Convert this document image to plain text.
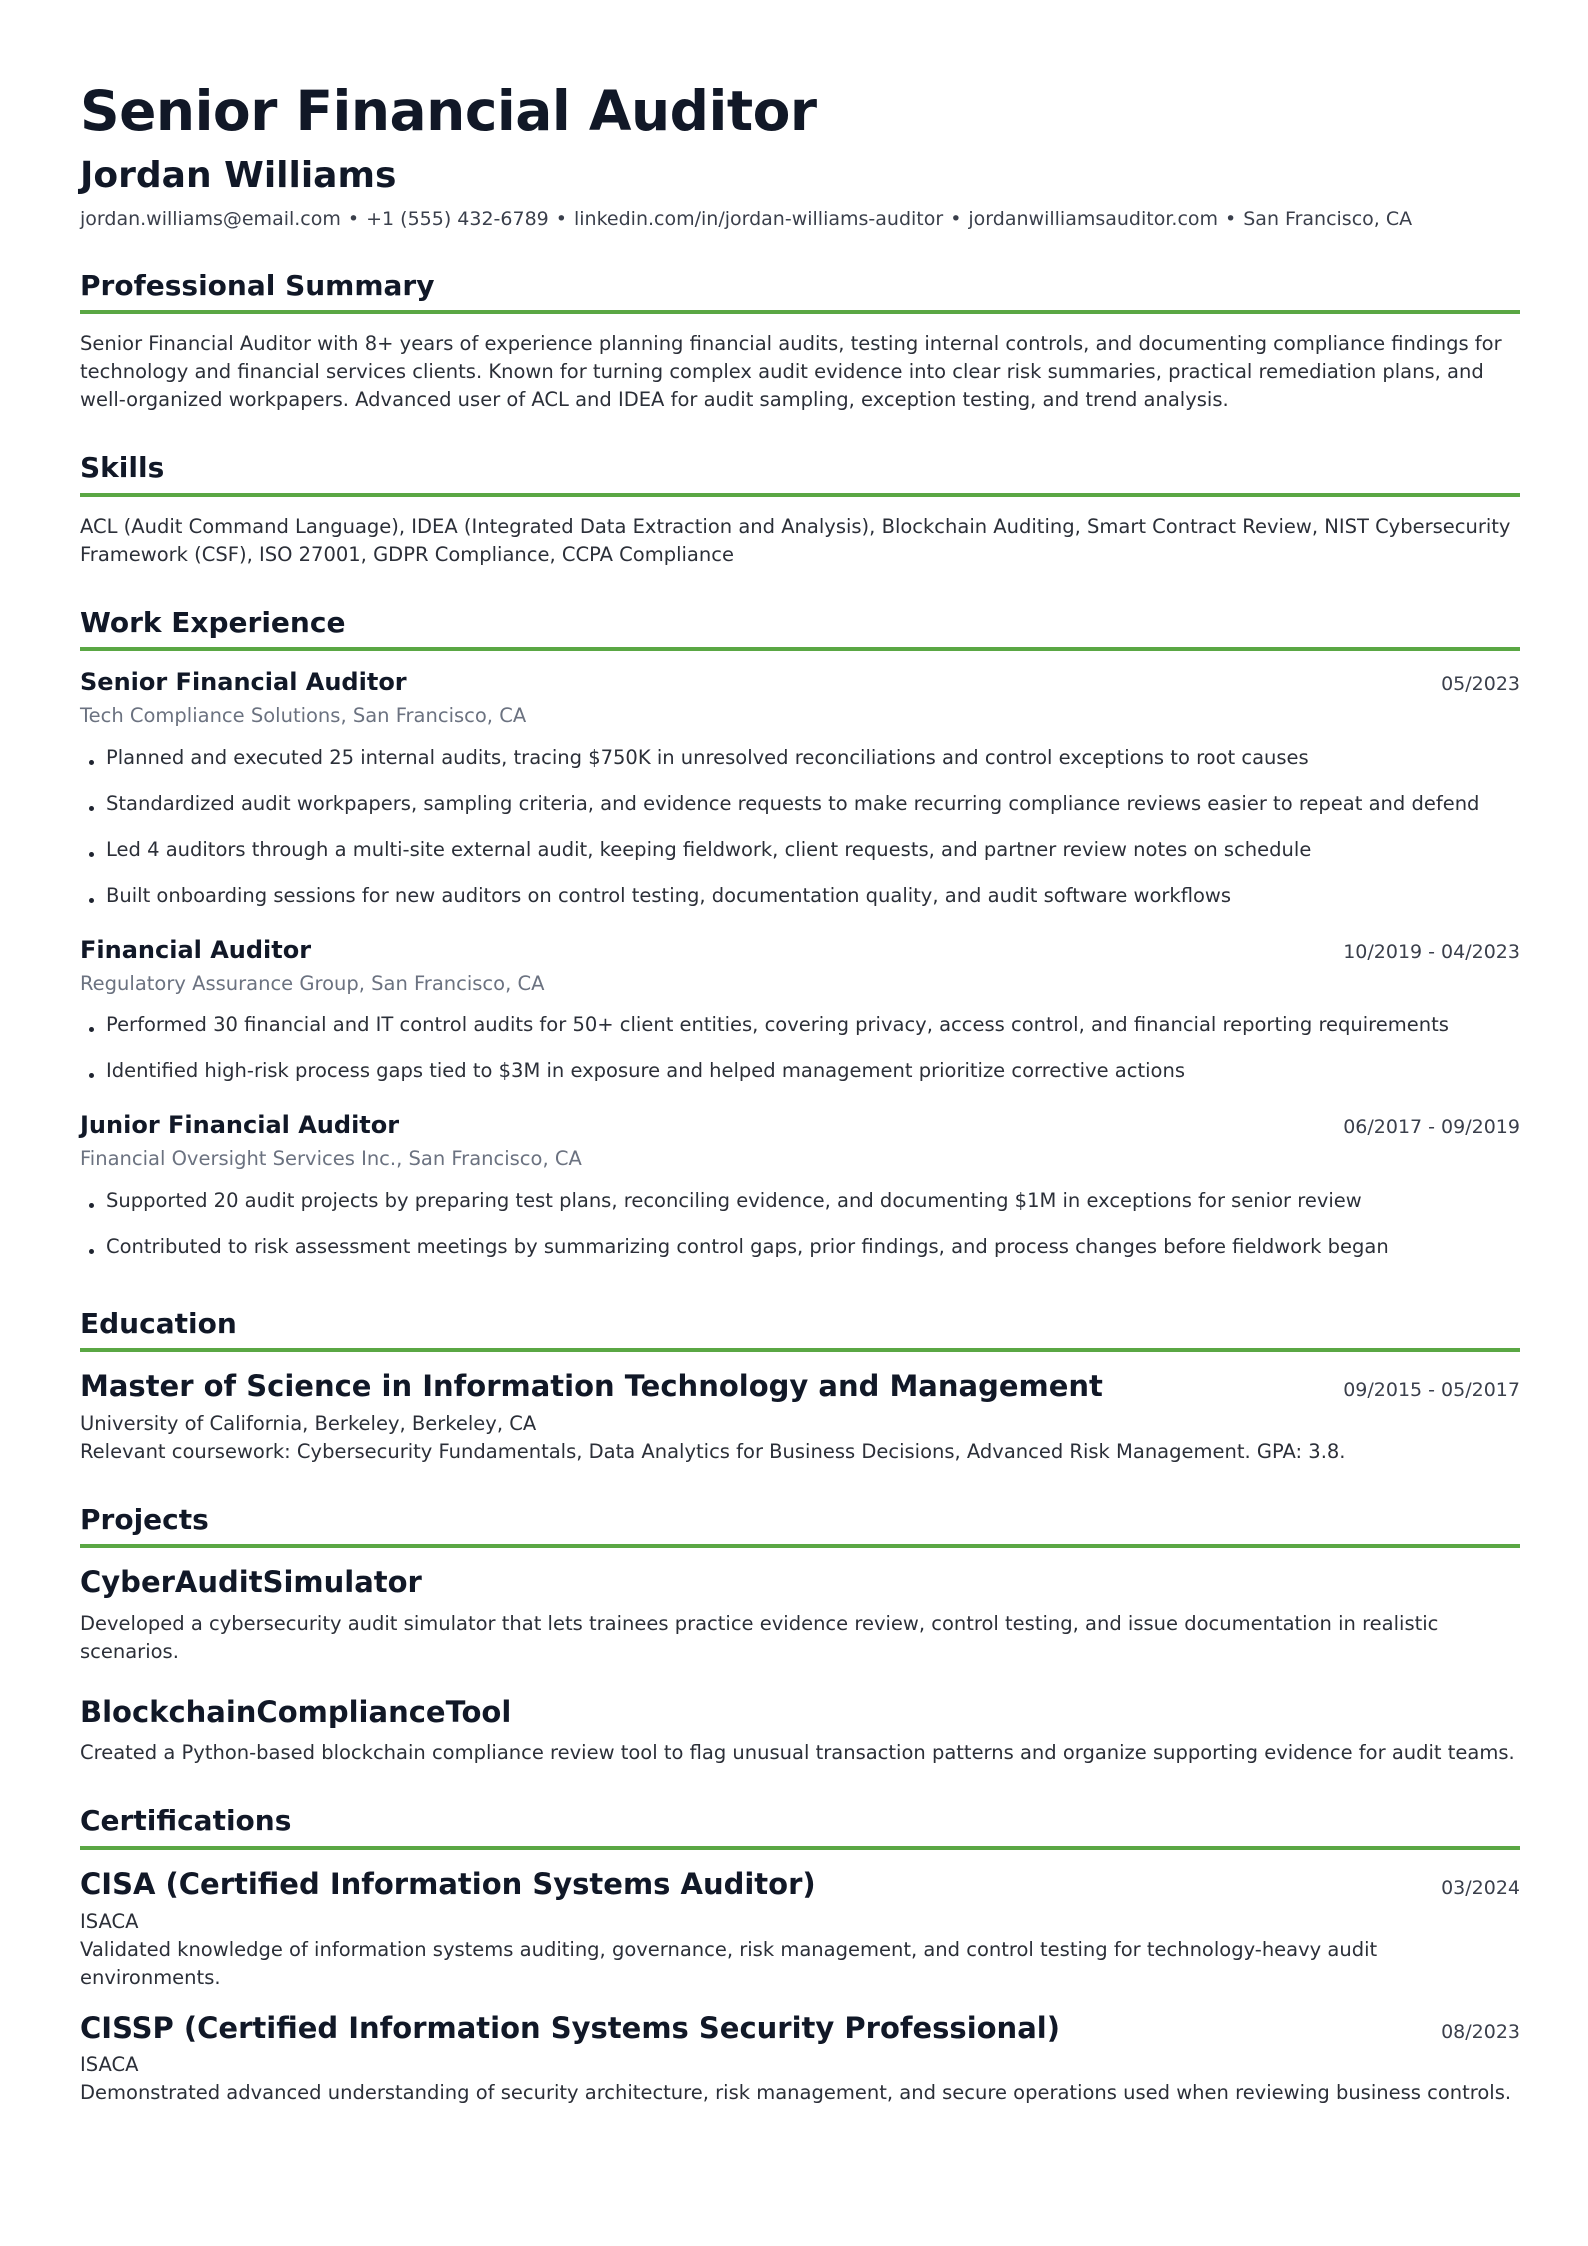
Senior Financial Auditor
Jordan Williams
jordan.williams@email.com • +1 (555) 432-6789 • linkedin.com/in/jordan-williams-auditor • jordanwilliamsauditor.com • San Francisco, CA
Professional Summary

Senior Financial Auditor with 8+ years of experience planning financial audits, testing internal controls, and documenting compliance findings for technology and financial services clients. Known for turning complex audit evidence into clear risk summaries, practical remediation plans, and well-organized workpapers. Advanced user of ACL and IDEA for audit sampling, exception testing, and trend analysis.

Skills

ACL (Audit Command Language), IDEA (Integrated Data Extraction and Analysis), Blockchain Auditing, Smart Contract Review, NIST Cybersecurity Framework (CSF), ISO 27001, GDPR Compliance, CCPA Compliance

Work Experience
Senior Financial Auditor	05/2023
Tech Compliance Solutions, San Francisco, CA
Planned and executed 25 internal audits, tracing $750K in unresolved reconciliations and control exceptions to root causes
Standardized audit workpapers, sampling criteria, and evidence requests to make recurring compliance reviews easier to repeat and defend
Led 4 auditors through a multi-site external audit, keeping fieldwork, client requests, and partner review notes on schedule
Built onboarding sessions for new auditors on control testing, documentation quality, and audit software workflows
Financial Auditor	10/2019 - 04/2023
Regulatory Assurance Group, San Francisco, CA
Performed 30 financial and IT control audits for 50+ client entities, covering privacy, access control, and financial reporting requirements
Identified high-risk process gaps tied to $3M in exposure and helped management prioritize corrective actions
Junior Financial Auditor	06/2017 - 09/2019
Financial Oversight Services Inc., San Francisco, CA
Supported 20 audit projects by preparing test plans, reconciling evidence, and documenting $1M in exceptions for senior review
Contributed to risk assessment meetings by summarizing control gaps, prior findings, and process changes before fieldwork began
Education
Master of Science in Information Technology and Management	09/2015 - 05/2017
University of California, Berkeley, Berkeley, CA
Relevant coursework: Cybersecurity Fundamentals, Data Analytics for Business Decisions, Advanced Risk Management. GPA: 3.8.
Projects
CyberAuditSimulator
Developed a cybersecurity audit simulator that lets trainees practice evidence review, control testing, and issue documentation in realistic scenarios.
BlockchainComplianceTool
Created a Python-based blockchain compliance review tool to flag unusual transaction patterns and organize supporting evidence for audit teams.
Certifications
CISA (Certified Information Systems Auditor)	03/2024
ISACA
Validated knowledge of information systems auditing, governance, risk management, and control testing for technology-heavy audit environments.
CISSP (Certified Information Systems Security Professional)	08/2023
ISACA
Demonstrated advanced understanding of security architecture, risk management, and secure operations used when reviewing business controls.
